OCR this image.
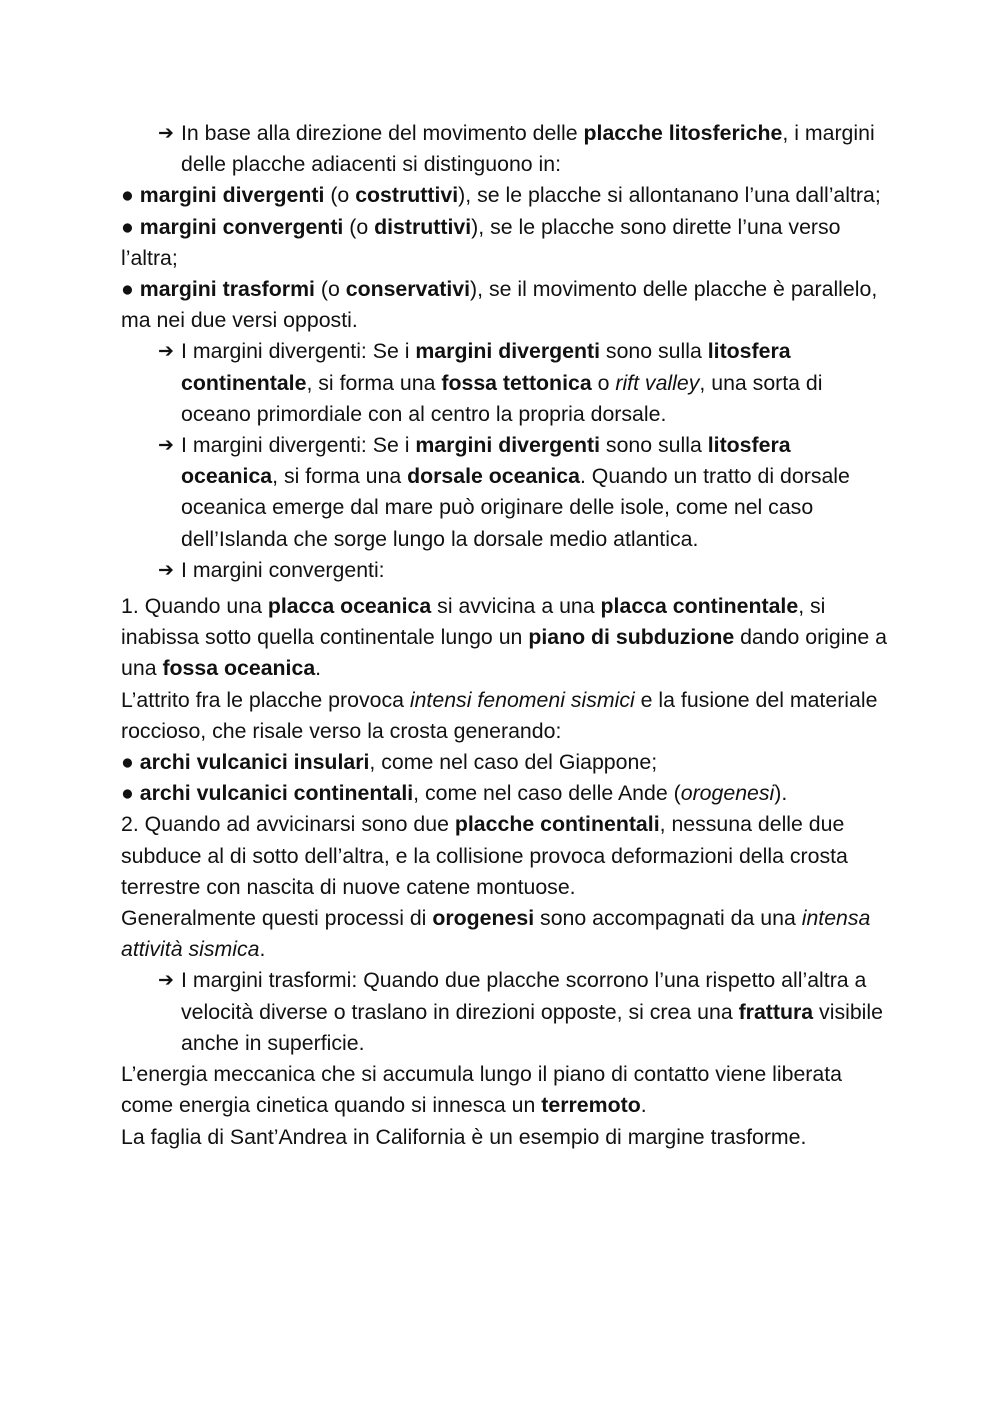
➔ In base alla direzione del movimento delle placche litosferiche, i margini delle placche adiacenti si distinguono in:

● margini divergenti (o costruttivi), se le placche si allontanano l’una dall’altra;

● margini convergenti (o distruttivi), se le placche sono dirette l’una verso l’altra;

● margini trasformi (o conservativi), se il movimento delle placche è parallelo, ma nei due versi opposti.

➔ I margini divergenti: Se i margini divergenti sono sulla litosfera continentale, si forma una fossa tettonica o rift valley, una sorta di oceano primordiale con al centro la propria dorsale.

➔ I margini divergenti: Se i margini divergenti sono sulla litosfera oceanica, si forma una dorsale oceanica. Quando un tratto di dorsale oceanica emerge dal mare può originare delle isole, come nel caso dell’Islanda che sorge lungo la dorsale medio atlantica.

➔ I margini convergenti:

1. Quando una placca oceanica si avvicina a una placca continentale, si inabissa sotto quella continentale lungo un piano di subduzione dando origine a una fossa oceanica.

L’attrito fra le placche provoca intensi fenomeni sismici e la fusione del materiale roccioso, che risale verso la crosta generando:

● archi vulcanici insulari, come nel caso del Giappone;

● archi vulcanici continentali, come nel caso delle Ande (orogenesi).

2. Quando ad avvicinarsi sono due placche continentali, nessuna delle due subduce al di sotto dell’altra, e la collisione provoca deformazioni della crosta terrestre con nascita di nuove catene montuose.

Generalmente questi processi di orogenesi sono accompagnati da una intensa attività sismica.

➔ I margini trasformi: Quando due placche scorrono l’una rispetto all’altra a velocità diverse o traslano in direzioni opposte, si crea una frattura visibile anche in superficie.

L’energia meccanica che si accumula lungo il piano di contatto viene liberata come energia cinetica quando si innesca un terremoto.

La faglia di Sant’Andrea in California è un esempio di margine trasforme.
